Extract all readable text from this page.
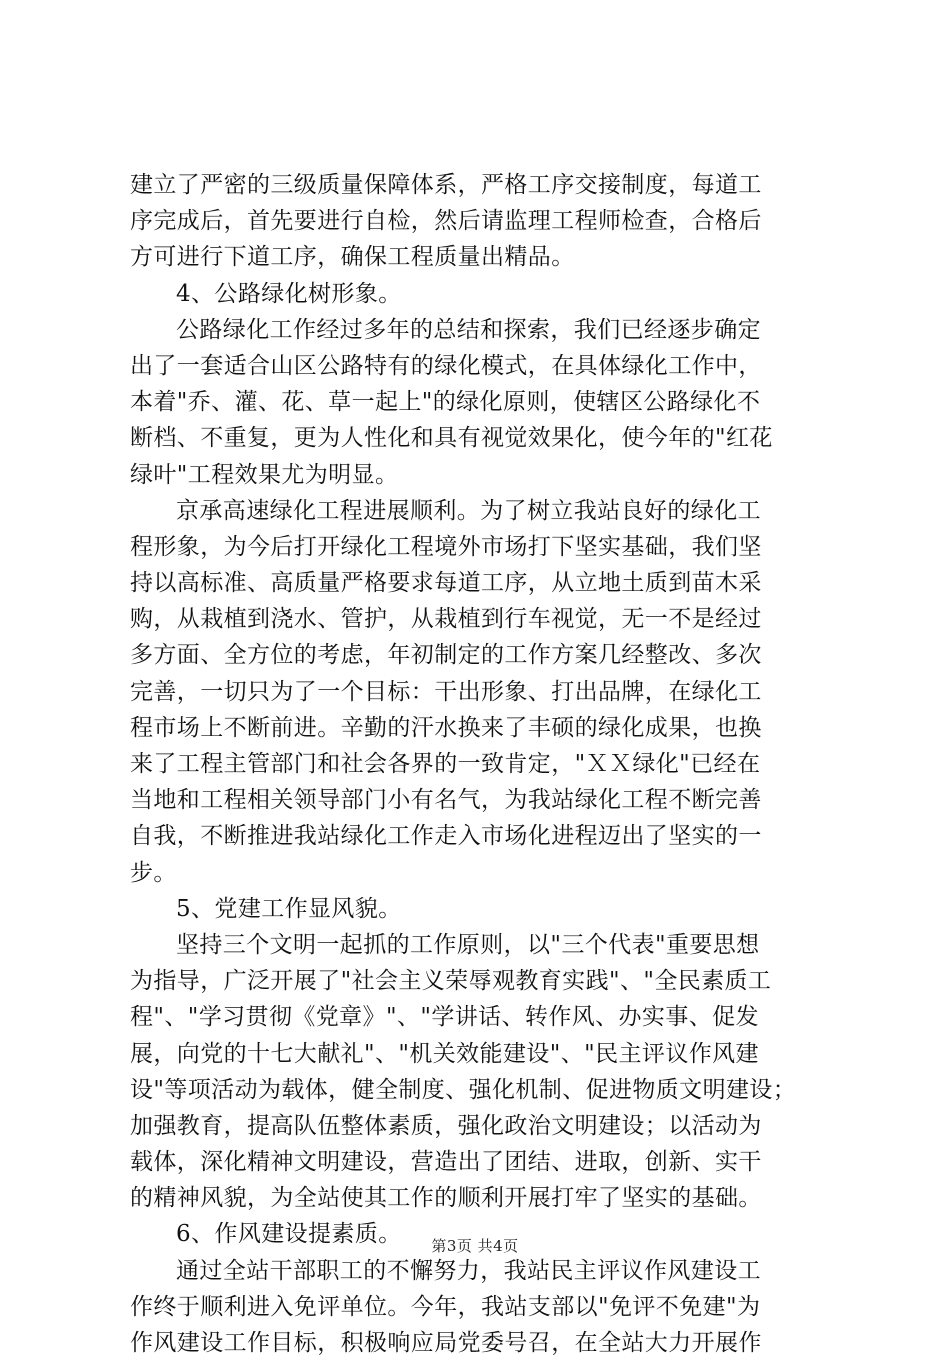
建立了严密的三级质量保障体系，严格工序交接制度，每道工
序完成后，首先要进行自检，然后请监理工程师检查，合格后
方可进行下道工序，确保工程质量出精品。
4、公路绿化树形象。
公路绿化工作经过多年的总结和探索，我们已经逐步确定
出了一套适合山区公路特有的绿化模式，在具体绿化工作中，
本着"乔、灌、花、草一起上"的绿化原则，使辖区公路绿化不
断档、不重复，更为人性化和具有视觉效果化，使今年的"红花
绿叶"工程效果尤为明显。
京承高速绿化工程进展顺利。为了树立我站良好的绿化工
程形象，为今后打开绿化工程境外市场打下坚实基础，我们坚
持以高标准、高质量严格要求每道工序，从立地土质到苗木采
购，从栽植到浇水、管护，从栽植到行车视觉，无一不是经过
多方面、全方位的考虑，年初制定的工作方案几经整改、多次
完善，一切只为了一个目标：干出形象、打出品牌，在绿化工
程市场上不断前进。辛勤的汗水换来了丰硕的绿化成果，也换
来了工程主管部门和社会各界的一致肯定，"ＸＸ绿化"已经在
当地和工程相关领导部门小有名气，为我站绿化工程不断完善
自我，不断推进我站绿化工作走入市场化进程迈出了坚实的一
步。
5、党建工作显风貌。
坚持三个文明一起抓的工作原则，以"三个代表"重要思想
为指导，广泛开展了"社会主义荣辱观教育实践"、"全民素质工
程"、"学习贯彻《党章》"、"学讲话、转作风、办实事、促发
展，向党的十七大献礼"、"机关效能建设"、"民主评议作风建
设"等项活动为载体，健全制度、强化机制、促进物质文明建设；
加强教育，提高队伍整体素质，强化政治文明建设；以活动为
载体，深化精神文明建设，营造出了团结、进取，创新、实干
的精神风貌，为全站使其工作的顺利开展打牢了坚实的基础。
6、作风建设提素质。
通过全站干部职工的不懈努力，我站民主评议作风建设工
作终于顺利进入免评单位。今年，我站支部以"免评不免建"为
作风建设工作目标，积极响应局党委号召，在全站大力开展作
第3页 共4页
